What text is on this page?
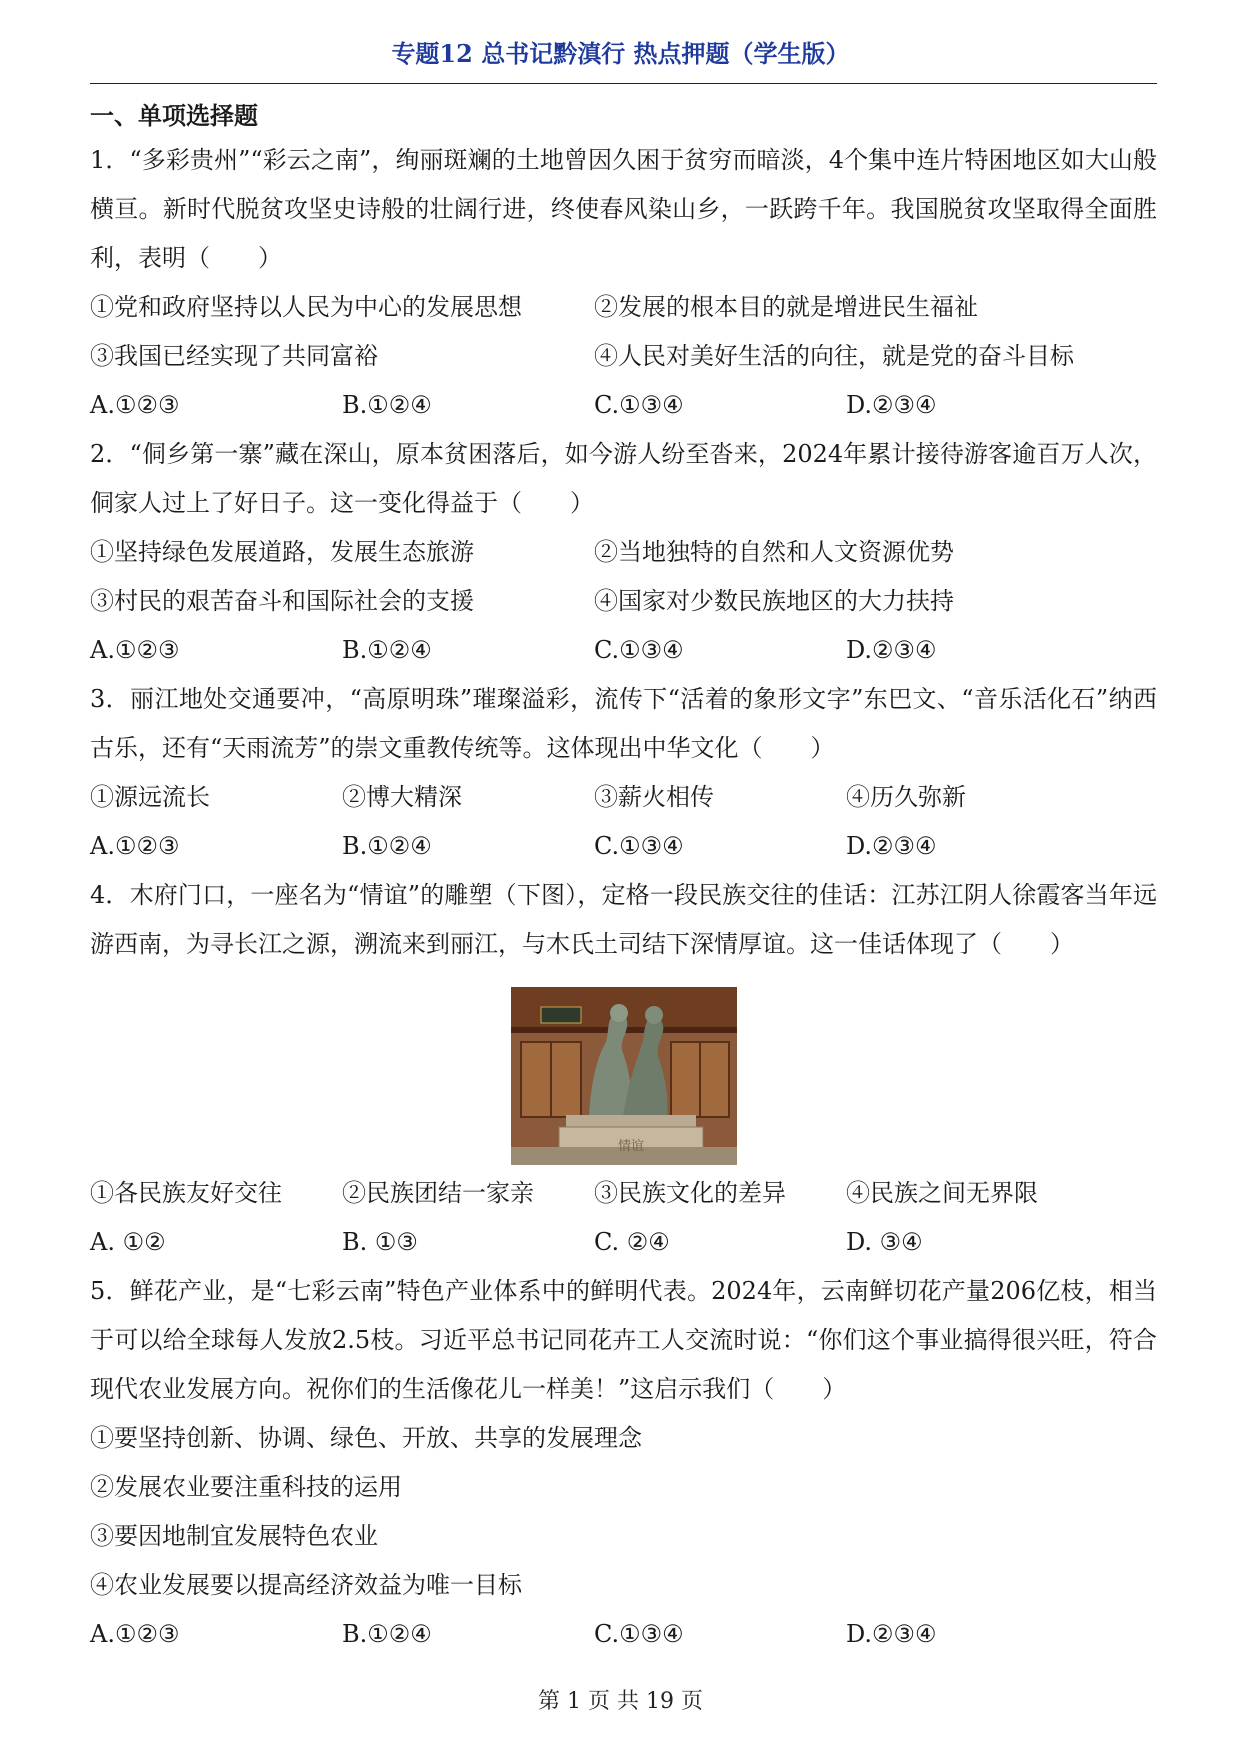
专题12 总书记黔滇行 热点押题（学生版）

一、单项选择题

1．“多彩贵州”“彩云之南”，绚丽斑斓的土地曾因久困于贫穷而暗淡，4个集中连片特困地区如大山般横亘。新时代脱贫攻坚史诗般的壮阔行进，终使春风染山乡，一跃跨千年。我国脱贫攻坚取得全面胜利，表明（　　）

①党和政府坚持以人民为中心的发展思想	②发展的根本目的就是增进民生福祉
③我国已经实现了共同富裕	④人民对美好生活的向往，就是党的奋斗目标
A.①②③	B.①②④	C.①③④	D.②③④

2．“侗乡第一寨”藏在深山，原本贫困落后，如今游人纷至沓来，2024年累计接待游客逾百万人次，侗家人过上了好日子。这一变化得益于（　　）

①坚持绿色发展道路，发展生态旅游	②当地独特的自然和人文资源优势
③村民的艰苦奋斗和国际社会的支援	④国家对少数民族地区的大力扶持
A.①②③	B.①②④	C.①③④	D.②③④

3．丽江地处交通要冲，“高原明珠”璀璨溢彩，流传下“活着的象形文字”东巴文、“音乐活化石”纳西古乐，还有“天雨流芳”的崇文重教传统等。这体现出中华文化（　　）

①源远流长	②博大精深	③薪火相传	④历久弥新
A.①②③	B.①②④	C.①③④	D.②③④

4．木府门口，一座名为“情谊”的雕塑（下图），定格一段民族交往的佳话：江苏江阴人徐霞客当年远游西南，为寻长江之源，溯流来到丽江，与木氏土司结下深情厚谊。这一佳话体现了（　　）

情谊
①各民族友好交往	②民族团结一家亲	③民族文化的差异	④民族之间无界限
A. ①②	B. ①③	C. ②④	D. ③④

5．鲜花产业，是“七彩云南”特色产业体系中的鲜明代表。2024年，云南鲜切花产量206亿枝，相当于可以给全球每人发放2.5枝。习近平总书记同花卉工人交流时说：“你们这个事业搞得很兴旺，符合现代农业发展方向。祝你们的生活像花儿一样美！”这启示我们（　　）

①要坚持创新、协调、绿色、开放、共享的发展理念
②发展农业要注重科技的运用
③要因地制宜发展特色农业
④农业发展要以提高经济效益为唯一目标
A.①②③	B.①②④	C.①③④	D.②③④
第 1 页 共 19 页
